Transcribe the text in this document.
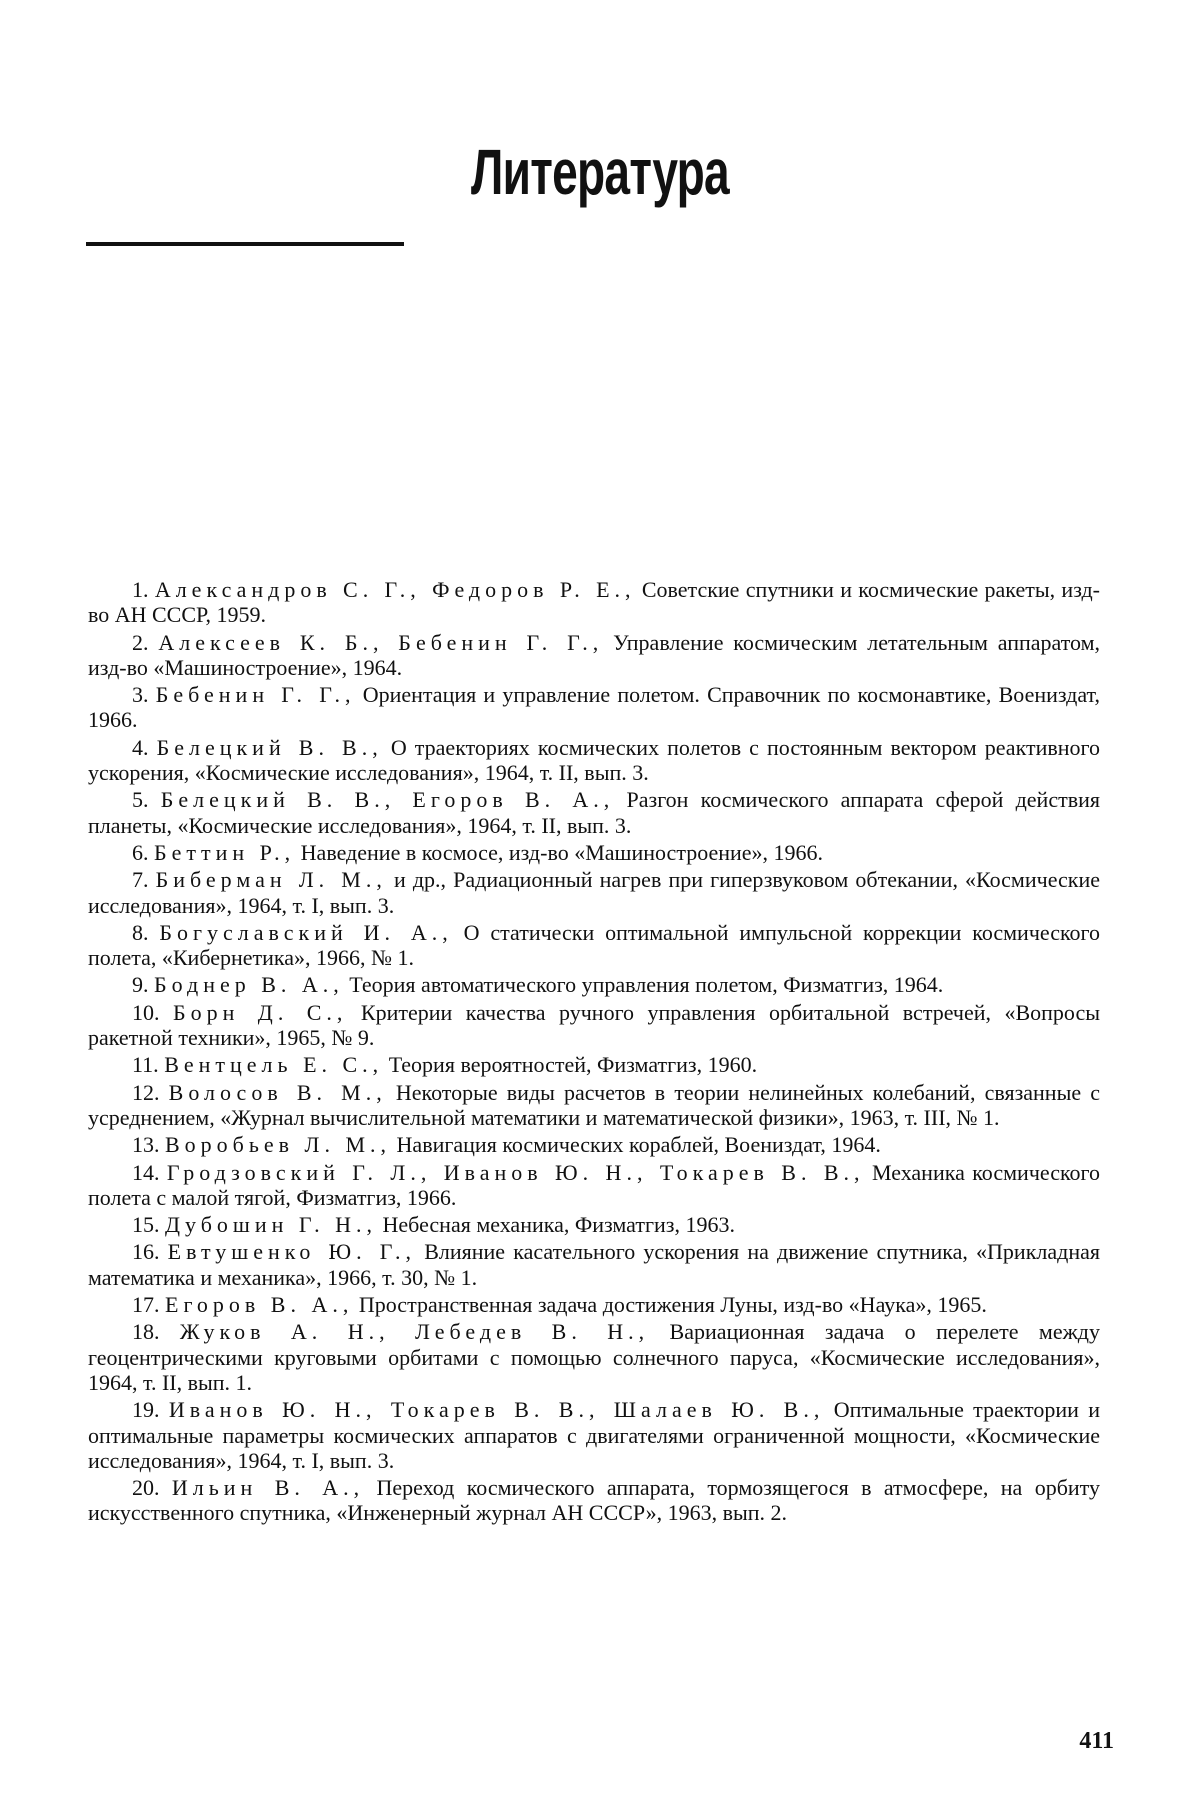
Литература
1. Александров С. Г., Федоров Р. Е., Советские спутники и космические ракеты, изд-во АН СССР, 1959.
2. Алексеев К. Б., Бебенин Г. Г., Управление космическим летательным аппаратом, изд-во «Машиностроение», 1964.
3. Бебенин Г. Г., Ориентация и управление полетом. Справочник по космонавтике, Воениздат, 1966.
4. Белецкий В. В., О траекториях космических полетов с постоянным вектором реактивного ускорения, «Космические исследования», 1964, т. II, вып. 3.
5. Белецкий В. В., Егоров В. А., Разгон космического аппарата сферой действия планеты, «Космические исследования», 1964, т. II, вып. 3.
6. Беттин Р., Наведение в космосе, изд-во «Машиностроение», 1966.
7. Биберман Л. М., и др., Радиационный нагрев при гиперзвуковом обтекании, «Космические исследования», 1964, т. I, вып. 3.
8. Богуславский И. А., О статически оптимальной импульсной коррекции космического полета, «Кибернетика», 1966, № 1.
9. Боднер В. А., Теория автоматического управления полетом, Физматгиз, 1964.
10. Борн Д. С., Критерии качества ручного управления орбитальной встречей, «Вопросы ракетной техники», 1965, № 9.
11. Вентцель Е. С., Теория вероятностей, Физматгиз, 1960.
12. Волосов В. М., Некоторые виды расчетов в теории нелинейных колебаний, связанные с усреднением, «Журнал вычислительной математики и математической физики», 1963, т. III, № 1.
13. Воробьев Л. М., Навигация космических кораблей, Воениздат, 1964.
14. Гродзовский Г. Л., Иванов Ю. Н., Токарев В. В., Механика космического полета с малой тягой, Физматгиз, 1966.
15. Дубошин Г. Н., Небесная механика, Физматгиз, 1963.
16. Евтушенко Ю. Г., Влияние касательного ускорения на движение спутника, «Прикладная математика и механика», 1966, т. 30, № 1.
17. Егоров В. А., Пространственная задача достижения Луны, изд-во «Наука», 1965.
18. Жуков А. Н., Лебедев В. Н., Вариационная задача о перелете между геоцентрическими круговыми орбитами с помощью солнечного паруса, «Космические исследования», 1964, т. II, вып. 1.
19. Иванов Ю. Н., Токарев В. В., Шалаев Ю. В., Оптимальные траектории и оптимальные параметры космических аппаратов с двигателями ограниченной мощности, «Космические исследования», 1964, т. I, вып. 3.
20. Ильин В. А., Переход космического аппарата, тормозящегося в атмосфере, на орбиту искусственного спутника, «Инженерный журнал АН СССР», 1963, вып. 2.

411
